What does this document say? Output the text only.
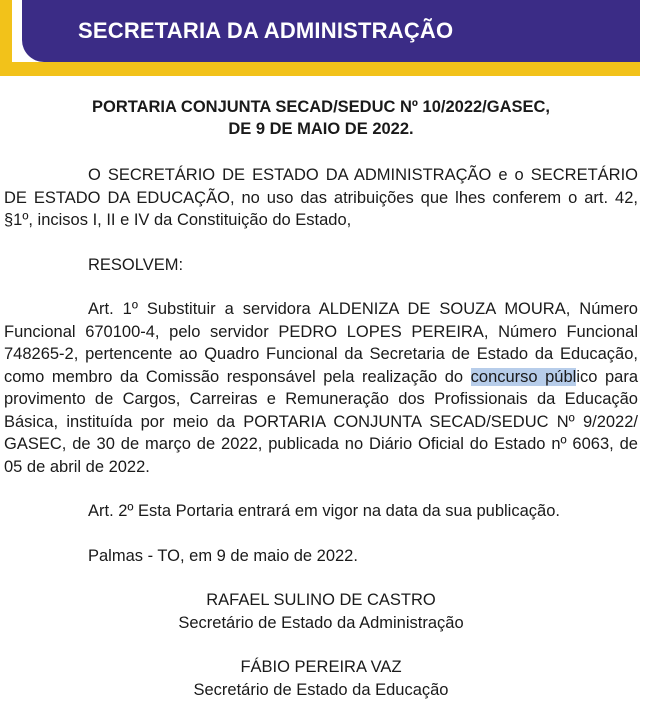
SECRETARIA DA ADMINISTRAÇÃO

PORTARIA CONJUNTA SECAD/SEDUC Nº 10/2022/GASEC,

DE 9 DE MAIO DE 2022.

O SECRETÁRIO DE ESTADO DA ADMINISTRAÇÃO e o SECRETÁRIO DE ESTADO DA EDUCAÇÃO, no uso das atribuições que lhes conferem o art. 42, §1º, incisos I, II e IV da Constituição do Estado,

RESOLVEM:

Art. 1º Substituir a servidora ALDENIZA DE SOUZA MOURA, Número Funcional 670100-4, pelo servidor PEDRO LOPES PEREIRA, Número Funcional 748265-2, pertencente ao Quadro Funcional da Secretaria de Estado da Educação, como membro da Comissão responsável pela realização do concurso público para provimento de Cargos, Carreiras e Remuneração dos Profissionais da Educação Básica, instituída por meio da PORTARIA CONJUNTA SECAD/SEDUC Nº 9/2022/ GASEC, de 30 de março de 2022, publicada no Diário Oficial do Estado nº 6063, de 05 de abril de 2022.

Art. 2º Esta Portaria entrará em vigor na data da sua publicação.

Palmas - TO, em 9 de maio de 2022.

RAFAEL SULINO DE CASTRO

Secretário de Estado da Administração

FÁBIO PEREIRA VAZ

Secretário de Estado da Educação
